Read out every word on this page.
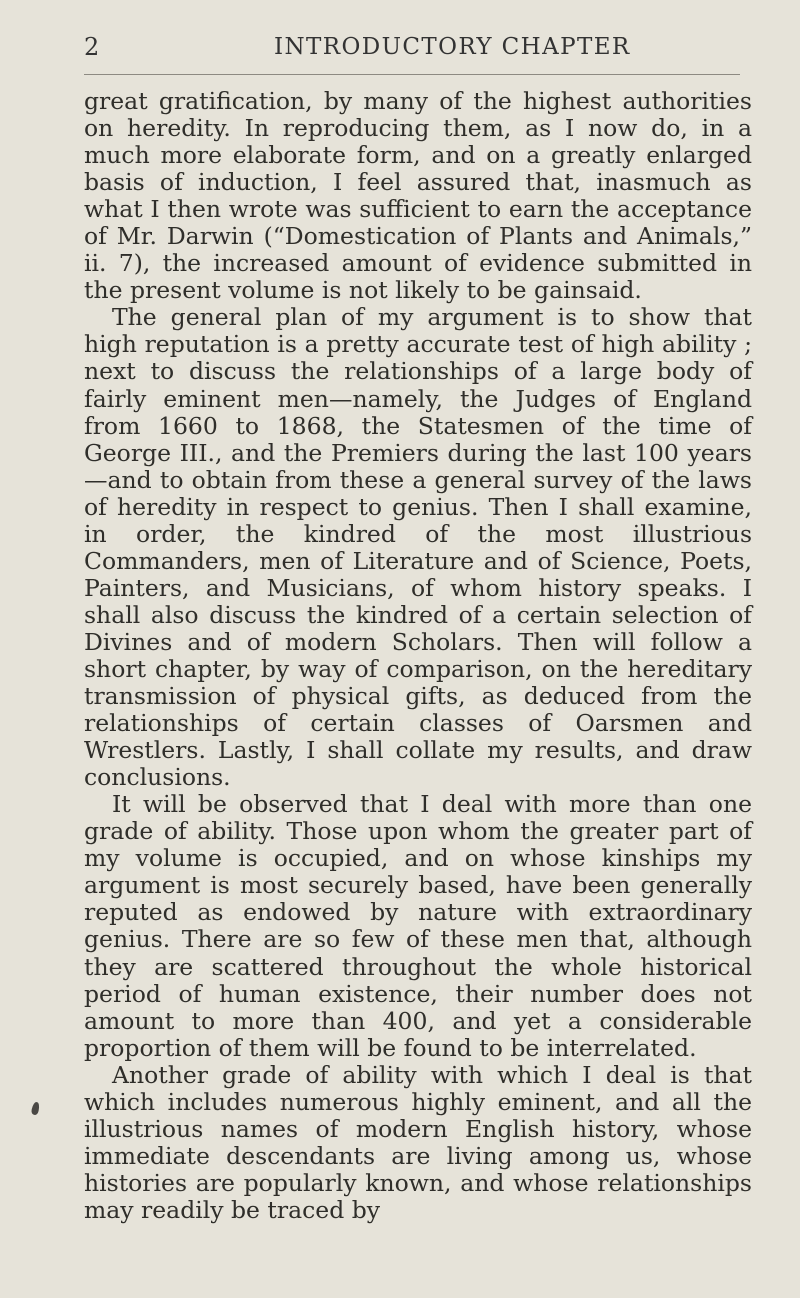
2	INTRODUCTORY CHAPTER

great gratification, by many of the highest authorities on heredity. In reproducing them, as I now do, in a much more elaborate form, and on a greatly enlarged basis of induction, I feel assured that, inasmuch as what I then wrote was sufficient to earn the acceptance of Mr. Darwin (“Domestication of Plants and Animals,” ii. 7), the increased amount of evidence submitted in the present volume is not likely to be gainsaid.

The general plan of my argument is to show that high reputation is a pretty accurate test of high ability ; next to discuss the relationships of a large body of fairly eminent men—namely, the Judges of England from 1660 to 1868, the Statesmen of the time of George III., and the Premiers during the last 100 years—and to obtain from these a general survey of the laws of heredity in respect to genius. Then I shall examine, in order, the kindred of the most illustrious Commanders, men of Literature and of Science, Poets, Painters, and Musicians, of whom history speaks. I shall also discuss the kindred of a certain selection of Divines and of modern Scholars. Then will follow a short chapter, by way of comparison, on the hereditary transmission of physical gifts, as deduced from the relationships of certain classes of Oarsmen and Wrestlers. Lastly, I shall collate my results, and draw conclusions.

It will be observed that I deal with more than one grade of ability. Those upon whom the greater part of my volume is occupied, and on whose kinships my argument is most securely based, have been generally reputed as endowed by nature with extraordinary genius. There are so few of these men that, although they are scattered throughout the whole historical period of human existence, their number does not amount to more than 400, and yet a considerable proportion of them will be found to be interrelated.

Another grade of ability with which I deal is that which includes numerous highly eminent, and all the illustrious names of modern English history, whose immediate descendants are living among us, whose histories are popularly known, and whose relationships may readily be traced by
